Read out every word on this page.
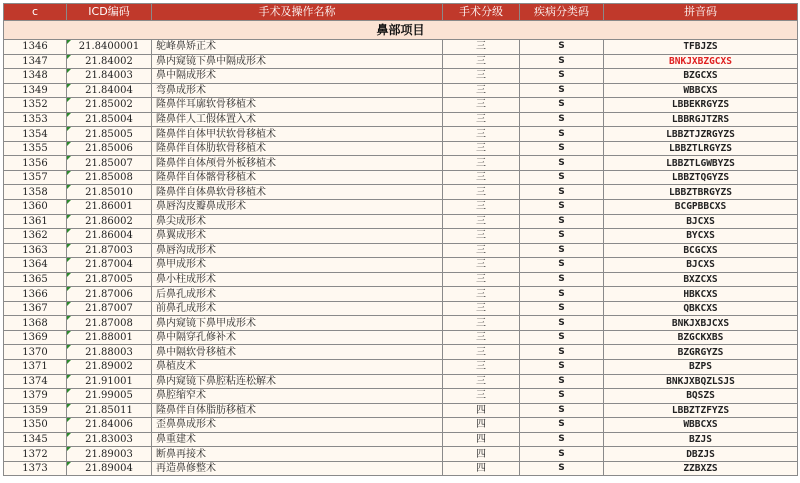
c	ICD编码	手术及操作名称	手术分级	疾病分类码	拼音码
鼻部项目					
1346	21.8400001	鸵峰鼻矫正术	三	S	TFBJZS
1347	21.84002	鼻内窥镜下鼻中隔成形术	三	S	BNKJXBZGCXS
1348	21.84003	鼻中隔成形术	三	S	BZGCXS
1349	21.84004	弯鼻成形术	三	S	WBBCXS
1352	21.85002	隆鼻伴耳廓软骨移植术	三	S	LBBEKRGYZS
1353	21.85004	隆鼻伴人工假体置入术	三	S	LBBRGJTZRS
1354	21.85005	隆鼻伴自体甲状软骨移植术	三	S	LBBZTJZRGYZS
1355	21.85006	隆鼻伴自体肋软骨移植术	三	S	LBBZTLRGYZS
1356	21.85007	隆鼻伴自体颅骨外板移植术	三	S	LBBZTLGWBYZS
1357	21.85008	隆鼻伴自体髂骨移植术	三	S	LBBZTQGYZS
1358	21.85010	隆鼻伴自体鼻软骨移植术	三	S	LBBZTBRGYZS
1360	21.86001	鼻唇沟皮瓣鼻成形术	三	S	BCGPBBCXS
1361	21.86002	鼻尖成形术	三	S	BJCXS
1362	21.86004	鼻翼成形术	三	S	BYCXS
1363	21.87003	鼻唇沟成形术	三	S	BCGCXS
1364	21.87004	鼻甲成形术	三	S	BJCXS
1365	21.87005	鼻小柱成形术	三	S	BXZCXS
1366	21.87006	后鼻孔成形术	三	S	HBKCXS
1367	21.87007	前鼻孔成形术	三	S	QBKCXS
1368	21.87008	鼻内窥镜下鼻甲成形术	三	S	BNKJXBJCXS
1369	21.88001	鼻中隔穿孔修补术	三	S	BZGCKXBS
1370	21.88003	鼻中隔软骨移植术	三	S	BZGRGYZS
1371	21.89002	鼻植皮术	三	S	BZPS
1374	21.91001	鼻内窥镜下鼻腔粘连松解术	三	S	BNKJXBQZLSJS
1379	21.99005	鼻腔缩窄术	三	S	BQSZS
1359	21.85011	隆鼻伴自体脂肪移植术	四	S	LBBZTZFYZS
1350	21.84006	歪鼻鼻成形术	四	S	WBBCXS
1345	21.83003	鼻重建术	四	S	BZJS
1372	21.89003	断鼻再接术	四	S	DBZJS
1373	21.89004	再造鼻修整术	四	S	ZZBXZS
